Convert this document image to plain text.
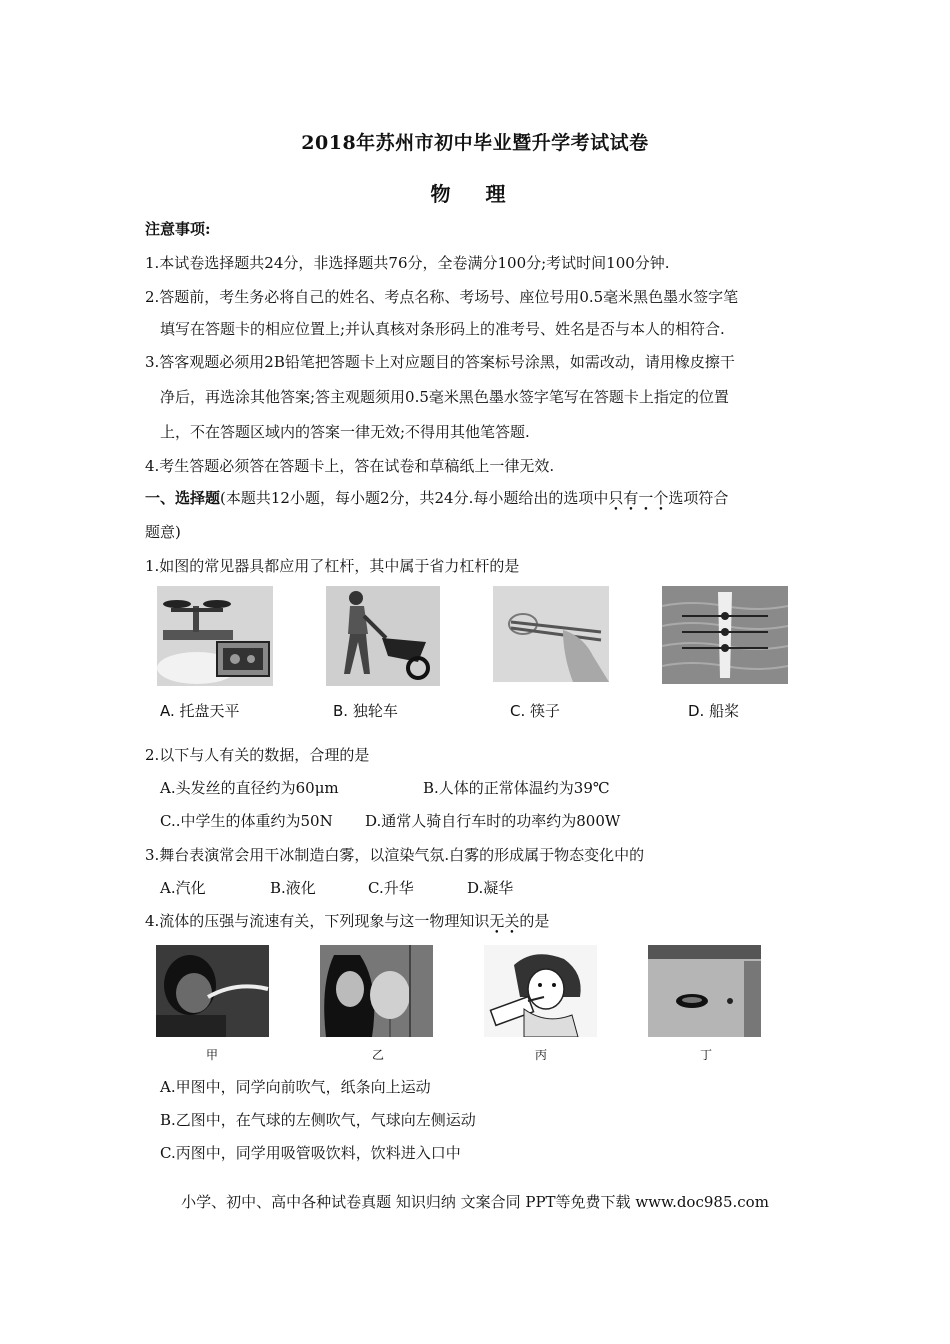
2018年苏州市初中毕业暨升学考试试卷
物 理
注意事项:
1.本试卷选择题共24分，非选择题共76分，全卷满分100分;考试时间100分钟.
2.答题前，考生务必将自己的姓名、考点名称、考场号、座位号用0.5毫米黑色墨水签字笔
填写在答题卡的相应位置上;并认真核对条形码上的准考号、姓名是否与本人的相符合.
3.答客观题必须用2B铅笔把答题卡上对应题目的答案标号涂黑，如需改动，请用橡皮擦干
净后，再选涂其他答案;答主观题须用0.5毫米黑色墨水签字笔写在答题卡上指定的位置
上，不在答题区域内的答案一律无效;不得用其他笔答题.
4.考生答题必须答在答题卡上，答在试卷和草稿纸上一律无效.
一、选择题(本题共12小题，每小题2分，共24分.每小题给出的选项中只有一个选项符合
题意)
1.如图的常见器具都应用了杠杆，其中属于省力杠杆的是
A. 托盘天平	B. 独轮车	C. 筷子	D. 船桨
2.以下与人有关的数据，合理的是
A.头发丝的直径约为60μm	B.人体的正常体温约为39℃
C..中学生的体重约为50N D.通常人骑自行车时的功率约为800W
3.舞台表演常会用干冰制造白雾，以渲染气氛.白雾的形成属于物态变化中的
A.汽化	B.液化	C.升华	D.凝华
4.流体的压强与流速有关，下列现象与这一物理知识无关的是
甲	乙	丙	丁
A.甲图中，同学向前吹气，纸条向上运动
B.乙图中，在气球的左侧吹气，气球向左侧运动
C.丙图中，同学用吸管吸饮料，饮料进入口中
小学、初中、高中各种试卷真题 知识归纳 文案合同 PPT等免费下载 www.doc985.com
